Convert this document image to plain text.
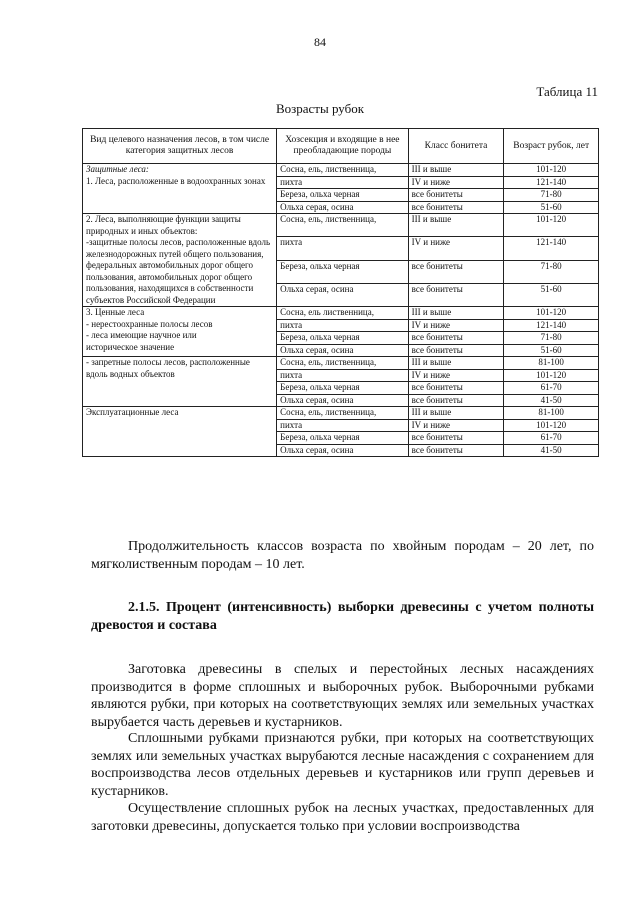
84
Таблица 11
Возрасты рубок
Вид целевого назначения лесов, в том числе категория защитных лесов	Хозсекция и входящие в нее преобладающие породы	Класс бонитета	Возраст рубок, лет

Защитные леса:
1. Леса, расположенные в водоохранных зонах	Сосна, ель, лиственница,	III и выше	101-120
	пихта	IV и ниже	121-140
	Береза, ольха черная	все бонитеты	71-80
	Ольха серая, осина	все бонитеты	51-60

2. Леса, выполняющие функции защиты природных и иных объектов:
-защитные полосы лесов, расположенные вдоль железнодорожных путей общего пользования, федеральных автомобильных дорог общего пользования, автомобильных дорог общего пользования, находящихся в собственности субъектов Российской Федерации	Сосна, ель, лиственница,	III и выше	101-120
	пихта	IV и ниже	121-140
	Береза, ольха черная	все бонитеты	71-80
	Ольха серая, осина	все бонитеты	51-60

3. Ценные леса
- нерестоохранные полосы лесов
- леса имеющие научное или
историческое значение	Сосна, ель лиственница,	III и выше	101-120
	пихта	IV и ниже	121-140
	Береза, ольха черная	все бонитеты	71-80
	Ольха серая, осина	все бонитеты	51-60

- запретные полосы лесов, расположенные вдоль водных объектов	Сосна, ель, лиственница,	III и выше	81-100
	пихта	IV и ниже	101-120
	Береза, ольха черная	все бонитеты	61-70
	Ольха серая, осина	все бонитеты	41-50

Эксплуатационные леса	Сосна, ель, лиственница,	III и выше	81-100
	пихта	IV и ниже	101-120
	Береза, ольха черная	все бонитеты	61-70
	Ольха серая, осина	все бонитеты	41-50
Продолжительность классов возраста по хвойным породам – 20 лет, по мягколиственным породам – 10 лет.
2.1.5. Процент (интенсивность) выборки древесины с учетом полноты древостоя и состава
Заготовка древесины в спелых и перестойных лесных насаждениях производится в форме сплошных и выборочных рубок. Выборочными рубками являются рубки, при которых на соответствующих землях или земельных участках вырубается часть деревьев и кустарников.
Сплошными рубками признаются рубки, при которых на соответствующих землях или земельных участках вырубаются лесные насаждения с сохранением для воспроизводства лесов отдельных деревьев и кустарников или групп деревьев и кустарников.
Осуществление сплошных рубок на лесных участках, предоставленных для заготовки древесины, допускается только при условии воспроизводства
